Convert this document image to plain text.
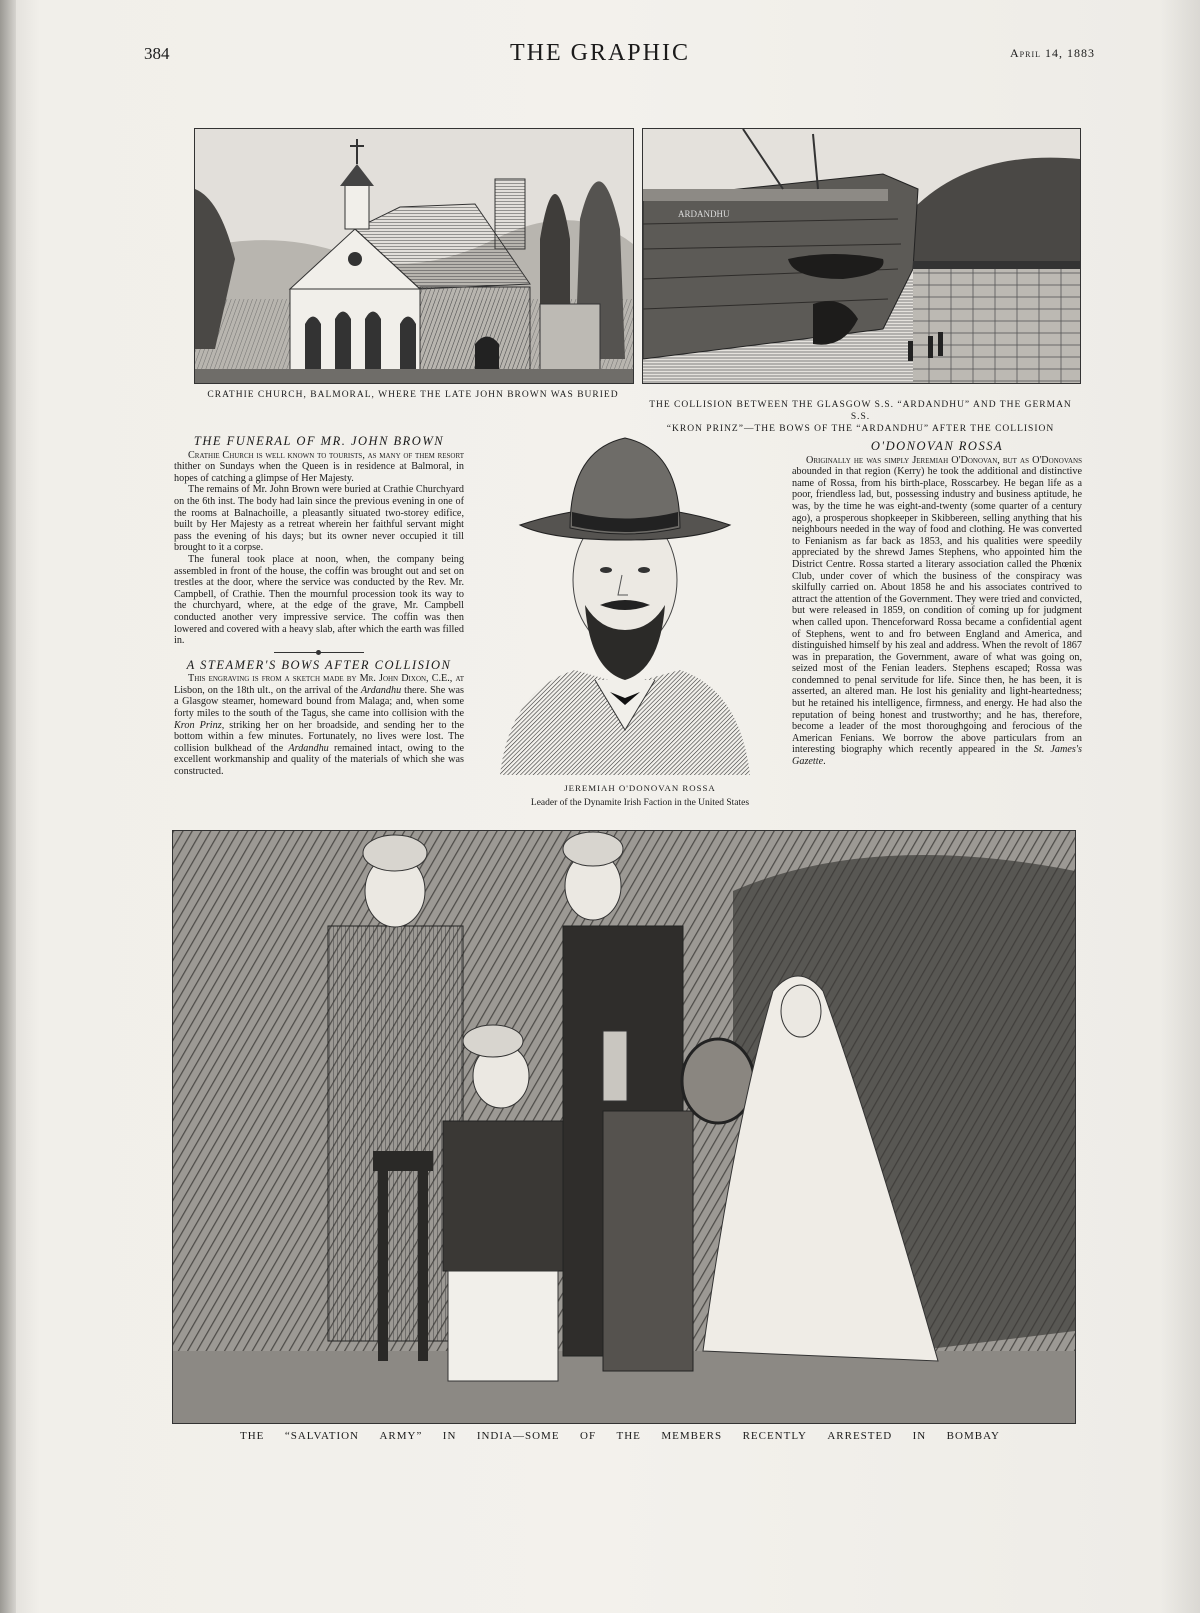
384	THE GRAPHIC	April 14, 1883
ARDANDHU
CRATHIE CHURCH, BALMORAL, WHERE THE LATE JOHN BROWN WAS BURIED
THE COLLISION BETWEEN THE GLASGOW S.S. “ARDANDHU” AND THE GERMAN S.S.
“KRON PRINZ”—THE BOWS OF THE “ARDANDHU” AFTER THE COLLISION
THE FUNERAL OF MR. JOHN BROWN

Crathie Church is well known to tourists, as many of them resort thither on Sundays when the Queen is in residence at Balmoral, in hopes of catching a glimpse of Her Majesty.

The remains of Mr. John Brown were buried at Crathie Churchyard on the 6th inst. The body had lain since the previous evening in one of the rooms at Balnachoille, a pleasantly situated two-storey edifice, built by Her Majesty as a retreat wherein her faithful servant might pass the evening of his days; but its owner never occupied it till brought to it a corpse.

The funeral took place at noon, when, the company being assembled in front of the house, the coffin was brought out and set on trestles at the door, where the service was conducted by the Rev. Mr. Campbell, of Crathie. Then the mournful procession took its way to the churchyard, where, at the edge of the grave, Mr. Campbell conducted another very impressive service. The coffin was then lowered and covered with a heavy slab, after which the earth was filled in.

A STEAMER'S BOWS AFTER COLLISION

This engraving is from a sketch made by Mr. John Dixon, C.E., at Lisbon, on the 18th ult., on the arrival of the Ardandhu there. She was a Glasgow steamer, homeward bound from Malaga; and, when some forty miles to the south of the Tagus, she came into collision with the Kron Prinz, striking her on her broadside, and sending her to the bottom within a few minutes. Fortunately, no lives were lost. The collision bulkhead of the Ardandhu remained intact, owing to the excellent workmanship and quality of the materials of which she was constructed.

JEREMIAH O'DONOVAN ROSSA
Leader of the Dynamite Irish Faction in the United States
O'DONOVAN ROSSA

Originally he was simply Jeremiah O'Donovan, but as O'Donovans abounded in that region (Kerry) he took the additional and distinctive name of Rossa, from his birth-place, Rosscarbey. He began life as a poor, friendless lad, but, possessing industry and business aptitude, he was, by the time he was eight-and-twenty (some quarter of a century ago), a prosperous shopkeeper in Skibbereen, selling anything that his neighbours needed in the way of food and clothing. He was converted to Fenianism as far back as 1853, and his qualities were speedily appreciated by the shrewd James Stephens, who appointed him the District Centre. Rossa started a literary association called the Phœnix Club, under cover of which the business of the conspiracy was skilfully carried on. About 1858 he and his associates contrived to attract the attention of the Government. They were tried and convicted, but were released in 1859, on condition of coming up for judgment when called upon. Thenceforward Rossa became a confidential agent of Stephens, went to and fro between England and America, and distinguished himself by his zeal and address. When the revolt of 1867 was in preparation, the Government, aware of what was going on, seized most of the Fenian leaders. Stephens escaped; Rossa was condemned to penal servitude for life. Since then, he has been, it is asserted, an altered man. He lost his geniality and light-heartedness; but he retained his intelligence, firmness, and energy. He had also the reputation of being honest and trustworthy; and he has, therefore, become a leader of the most thoroughgoing and ferocious of the American Fenians. We borrow the above particulars from an interesting biography which recently appeared in the St. James's Gazette.

THE “SALVATION ARMY” IN INDIA—SOME OF THE MEMBERS RECENTLY ARRESTED IN BOMBAY
